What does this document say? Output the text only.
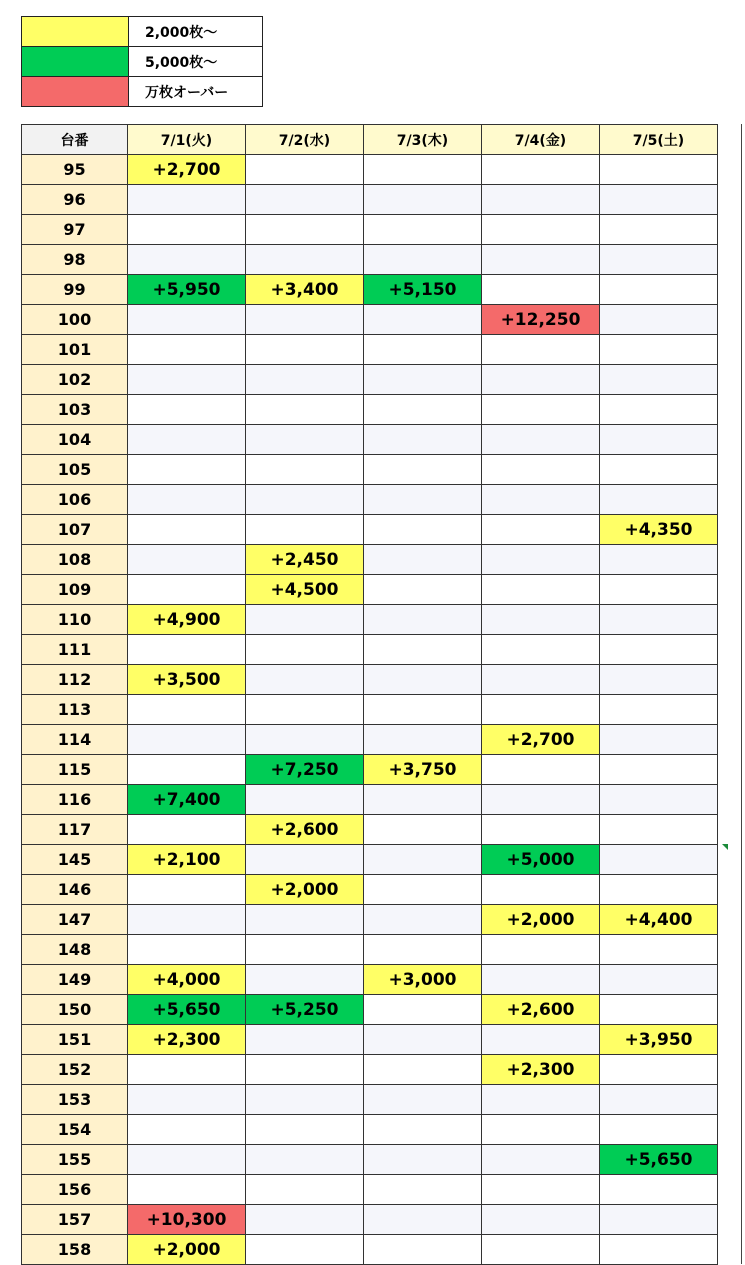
	2,000枚〜
	5,000枚〜
	万枚オーバー
台番	7/1(火)	7/2(水)	7/3(木)	7/4(金)	7/5(土)
95	+2,700				
96					
97					
98					
99	+5,950	+3,400	+5,150		
100				+12,250	
101					
102					
103					
104					
105					
106					
107					+4,350
108		+2,450			
109		+4,500			
110	+4,900				
111					
112	+3,500				
113					
114				+2,700	
115		+7,250	+3,750		
116	+7,400				
117		+2,600			
145	+2,100			+5,000	
146		+2,000			
147				+2,000	+4,400
148					
149	+4,000		+3,000		
150	+5,650	+5,250		+2,600	
151	+2,300				+3,950
152				+2,300	
153					
154					
155					+5,650
156					
157	+10,300				
158	+2,000				
